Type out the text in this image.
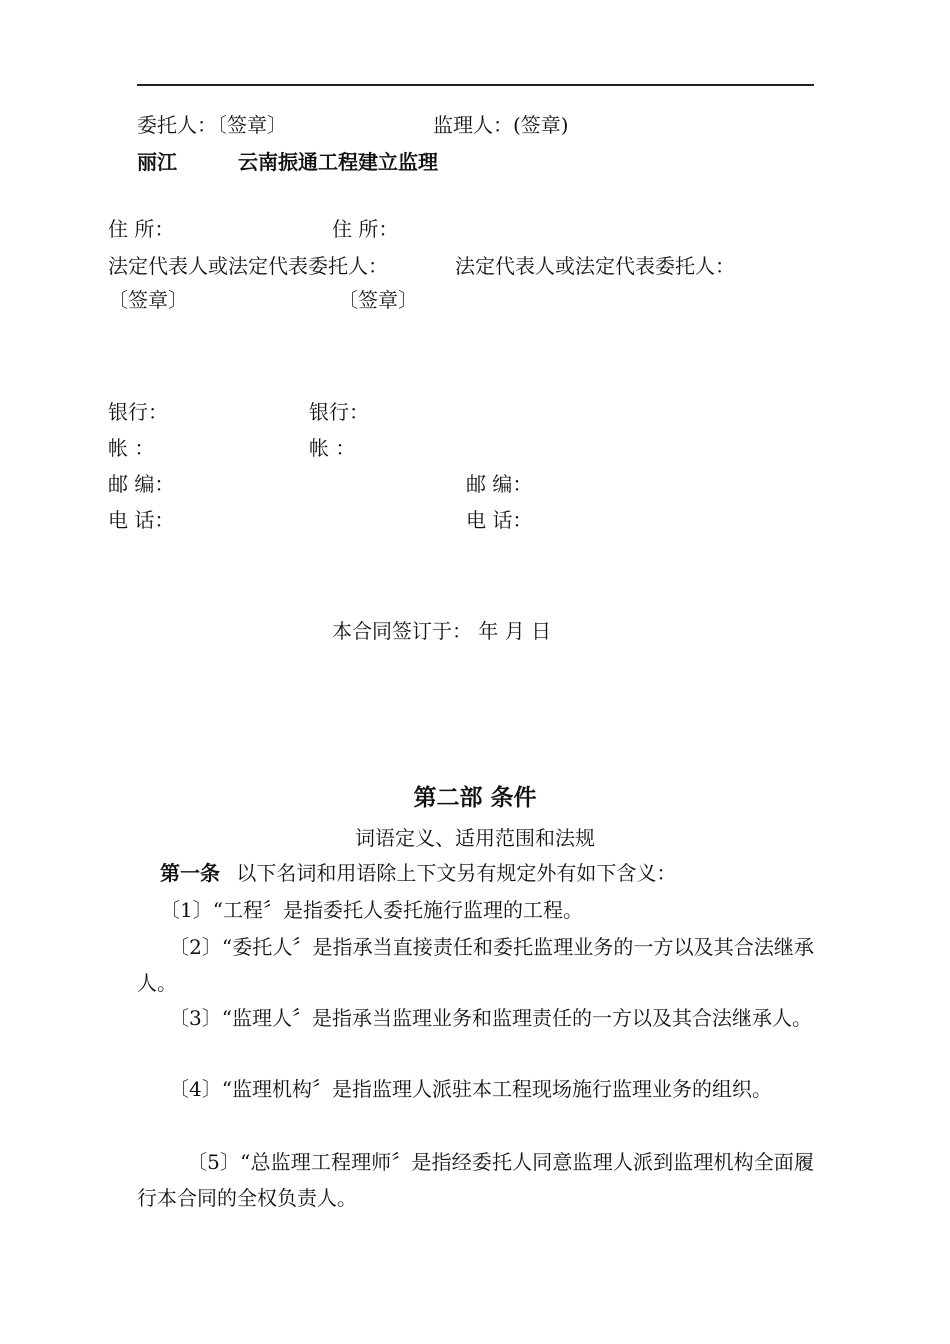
委托人：〔签章〕	监理人：(签章)
丽江	云南振通工程建立监理
住 所：	住 所：
法定代表人或法定代表委托人：	法定代表人或法定代表委托人：
〔签章〕	〔签章〕
银行：	银行：
帐 ：	帐 ：
邮 编：	邮 编：
电 话：	电 话：
本合同签订于： 年 月 日
第二部 条件
词语定义、适用范围和法规
第一条 以下名词和用语除上下文另有规定外有如下含义：
〔1〕“工程〞是指委托人委托施行监理的工程。

〔2〕“委托人〞是指承当直接责任和委托监理业务的一方以及其合法继承人。

〔3〕“监理人〞是指承当监理业务和监理责任的一方以及其合法继承人。

〔4〕“监理机构〞是指监理人派驻本工程现场施行监理业务的组织。

〔5〕“总监理工程理师〞是指经委托人同意监理人派到监理机构全面履行本合同的全权负责人。
